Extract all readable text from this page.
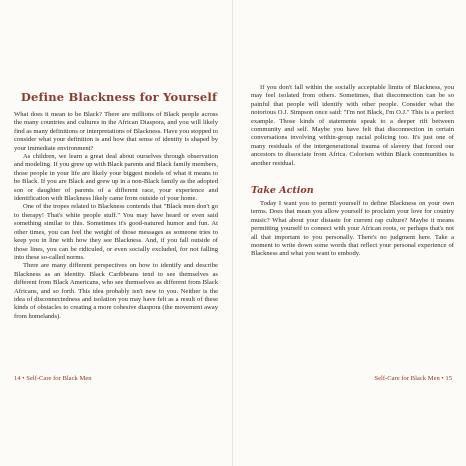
Define Blackness for Yourself

What does it mean to be Black? There are millions of Black people across the many countries and cultures in the African Diaspora, and you will likely find as many definitions or interpretations of Blackness. Have you stopped to consider what your definition is and how that sense of identity is shaped by your immediate environment?

As children, we learn a great deal about ourselves through observation and modeling. If you grew up with Black parents and Black family members, those people in your life are likely your biggest models of what it means to be Black. If you are Black and grew up in a non-Black family as the adopted son or daughter of parents of a different race, your experience and identification with Blackness likely came from outside of your home.

One of the tropes related to Blackness contends that "Black men don't go to therapy! That's white people stuff." You may have heard or even said something similar to this. Sometimes it's good-natured humor and fun. At other times, you can feel the weight of those messages as someone tries to keep you in line with how they see Blackness. And, if you fall outside of those lines, you can be ridiculed, or even socially excluded, for not falling into these so-called norms.

There are many different perspectives on how to identify and describe Blackness as an identity. Black Caribbeans tend to see themselves as different from Black Americans, who see themselves as different from Black Africans, and so forth. This idea probably isn't new to you. Neither is the idea of disconnectedness and isolation you may have felt as a result of these kinds of obstacles to creating a more cohesive diaspora (the movement away from homelands).

14 • Self-Care for Black Men

If you don't fall within the socially acceptable limits of Blackness, you may feel isolated from others. Sometimes, that disconnection can be so painful that people will identify with other people. Consider what the notorious O.J. Simpson once said: "I'm not Black, I'm O.J." This is a perfect example. Those kinds of statements speak to a deeper rift between community and self. Maybe you have felt that disconnection in certain conversations involving within-group racial policing too. It's just one of many residuals of the intergenerational trauma of slavery that forced our ancestors to dissociate from Africa. Colorism within Black communities is another residual.

Take Action

Today I want you to permit yourself to define Blackness on your own terms. Does that mean you allow yourself to proclaim your love for country music? What about your distaste for current rap culture? Maybe it means permitting yourself to connect with your African roots, or perhaps that's not all that important to you personally. There's no judgment here. Take a moment to write down some words that reflect your personal experience of Blackness and what you want to embody.

Self-Care for Black Men • 15
